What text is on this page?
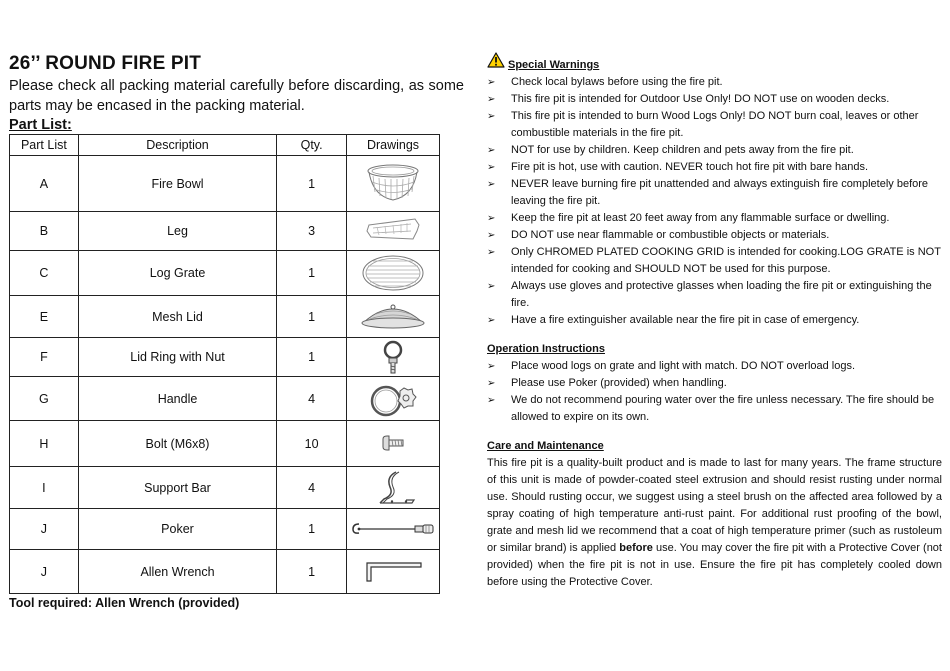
26’’ ROUND FIRE PIT

Please check all packing material carefully before discarding, as some parts may be encased in the packing material.

Part List:
Part List	Description	Qty.	Drawings
A	Fire Bowl	1	

B	Leg	3	

C	Log Grate	1	

E	Mesh Lid	1	

F	Lid Ring with Nut	1	

G	Handle	4	

H	Bolt (M6x8)	10	

I	Support Bar	4	

J	Poker	1	

J	Allen Wrench	1	
Tool required: Allen Wrench (provided)
Special Warnings
➢ Check local bylaws before using the fire pit.
➢ This fire pit is intended for Outdoor Use Only! DO NOT use on wooden decks.
➢ This fire pit is intended to burn Wood Logs Only! DO NOT burn coal, leaves or other combustible materials in the fire pit.
➢ NOT for use by children. Keep children and pets away from the fire pit.
➢ Fire pit is hot, use with caution. NEVER touch hot fire pit with bare hands.
➢ NEVER leave burning fire pit unattended and always extinguish fire completely before leaving the fire pit.
➢ Keep the fire pit at least 20 feet away from any flammable surface or dwelling.
➢ DO NOT use near flammable or combustible objects or materials.
➢ Only CHROMED PLATED COOKING GRID is intended for cooking.LOG GRATE is NOT intended for cooking and SHOULD NOT be used for this purpose.
➢ Always use gloves and protective glasses when loading the fire pit or extinguishing the fire.
➢ Have a fire extinguisher available near the fire pit in case of emergency.
Operation Instructions
➢ Place wood logs on grate and light with match. DO NOT overload logs.
➢ Please use Poker (provided) when handling.
➢ We do not recommend pouring water over the fire unless necessary. The fire should be allowed to expire on its own.
Care and Maintenance

This fire pit is a quality-built product and is made to last for many years. The frame structure of this unit is made of powder-coated steel extrusion and should resist rusting under normal use. Should rusting occur, we suggest using a steel brush on the affected area followed by a spray coating of high temperature anti-rust paint. For additional rust proofing of the bowl, grate and mesh lid we recommend that a coat of high temperature primer (such as rustoleum or similar brand) is applied before use. You may cover the fire pit with a Protective Cover (not provided) when the fire pit is not in use. Ensure the fire pit has completely cooled down before using the Protective Cover.
